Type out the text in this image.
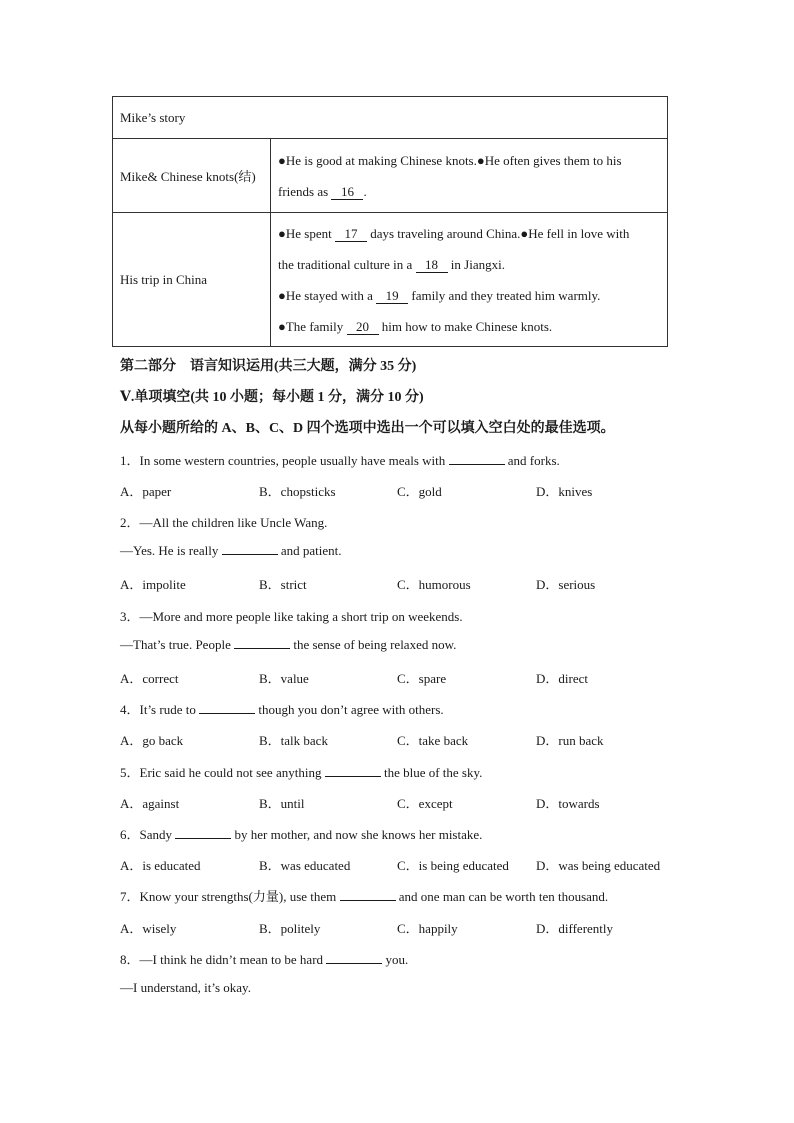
Mike’s story	
Mike& Chinese knots(结)	●He is good at making Chinese knots.●He often gives them to his
friends as 16 .

His trip in China	●He spent 17 days traveling around China.●He fell in love with
the traditional culture in a 18 in Jiangxi.
●He stayed with a 19 family and they treated him warmly.
●The family 20 him how to make Chinese knots.
第二部分　语言知识运用(共三大题，满分 35 分)
Ⅴ.单项填空(共 10 小题；每小题 1 分，满分 10 分)
从每小题所给的 A、B、C、D 四个选项中选出一个可以填入空白处的最佳选项。
1．In some western countries, people usually have meals with	and forks.
A．paper	B．chopsticks	C．gold	D．knives
2．—All the children like Uncle Wang.
—Yes. He is really	and patient.
A．impolite	B．strict	C．humorous	D．serious
3．—More and more people like taking a short trip on weekends.
—That’s true. People	the sense of being relaxed now.
A．correct	B．value	C．spare	D．direct
4．It’s rude to	though you don’t agree with others.
A．go back	B．talk back	C．take back	D．run back
5．Eric said he could not see anything	the blue of the sky.
A．against	B．until	C．except	D．towards
6．Sandy	by her mother, and now she knows her mistake.
A．is educated	B．was educated	C．is being educated D．was being educated
7．Know your strengths(力量), use them	and one man can be worth ten thousand.
A．wisely	B．politely	C．happily	D．differently
8．—I think he didn’t mean to be hard	you.
—I understand, it’s okay.
